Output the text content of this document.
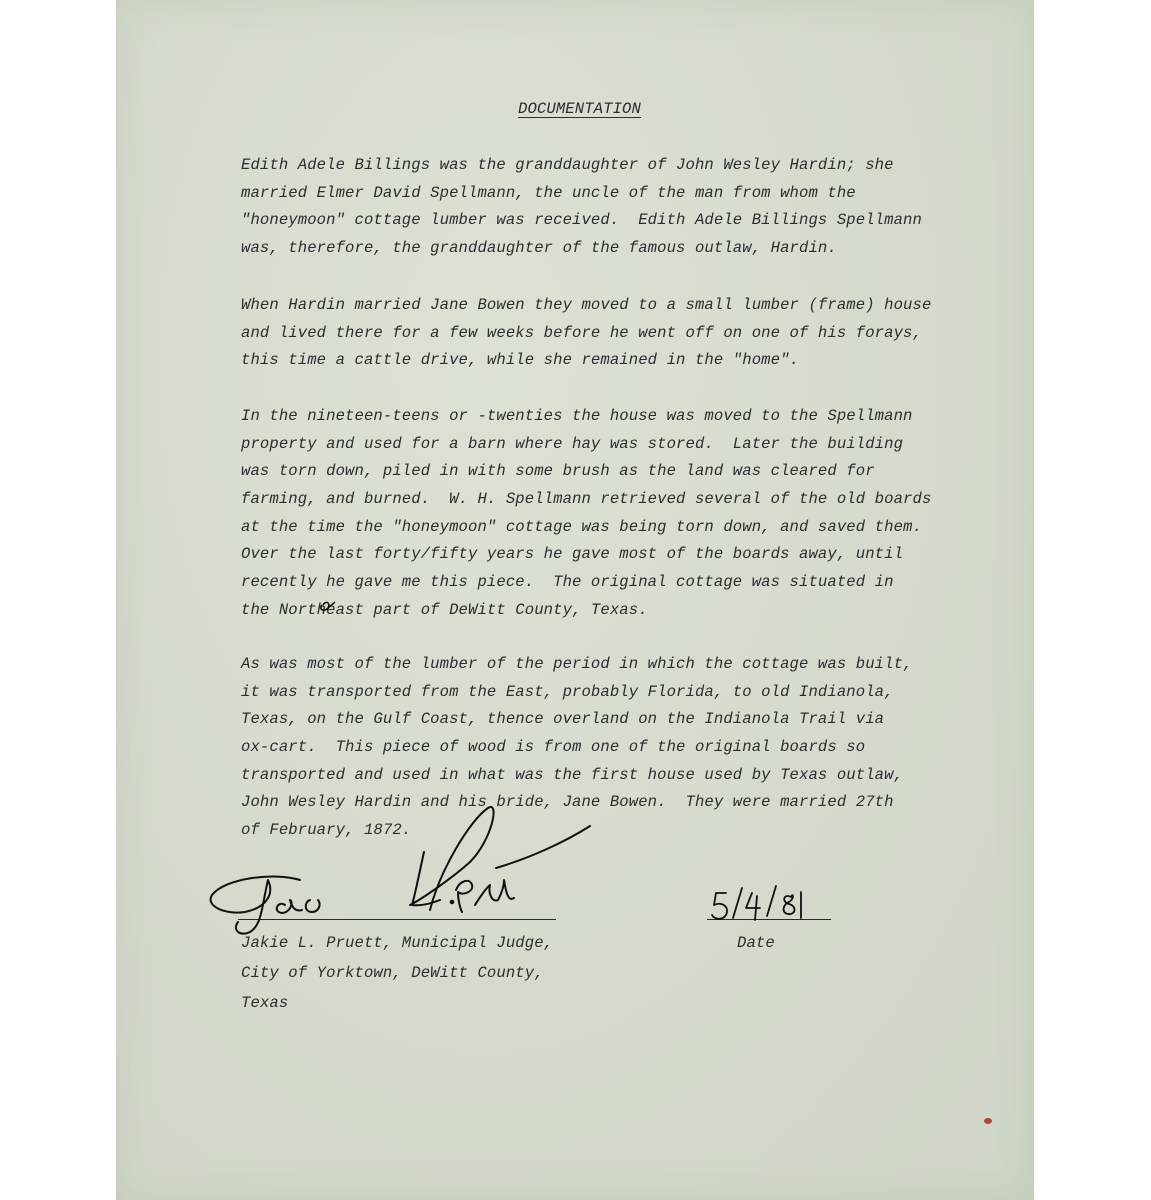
DOCUMENTATION

Edith Adele Billings was the granddaughter of John Wesley Hardin; she
married Elmer David Spellmann, the uncle of the man from whom the
"honeymoon" cottage lumber was received.  Edith Adele Billings Spellmann
was, therefore, the granddaughter of the famous outlaw, Hardin.
When Hardin married Jane Bowen they moved to a small lumber (frame) house
and lived there for a few weeks before he went off on one of his forays,
this time a cattle drive, while she remained in the "home".
In the nineteen-teens or -twenties the house was moved to the Spellmann
property and used for a barn where hay was stored.  Later the building
was torn down, piled in with some brush as the land was cleared for
farming, and burned.  W. H. Spellmann retrieved several of the old boards
at the time the "honeymoon" cottage was being torn down, and saved them.
Over the last forty/fifty years he gave most of the boards away, until
recently he gave me this piece.  The original cottage was situated in
the Northeast part of DeWitt County, Texas.
As was most of the lumber of the period in which the cottage was built,
it was transported from the East, probably Florida, to old Indianola,
Texas, on the Gulf Coast, thence overland on the Indianola Trail via
ox-cart.  This piece of wood is from one of the original boards so
transported and used in what was the first house used by Texas outlaw,
John Wesley Hardin and his bride, Jane Bowen.  They were married 27th
of February, 1872.
Jakie L. Pruett, Municipal Judge,
City of Yorktown, DeWitt County,
Texas

Date
